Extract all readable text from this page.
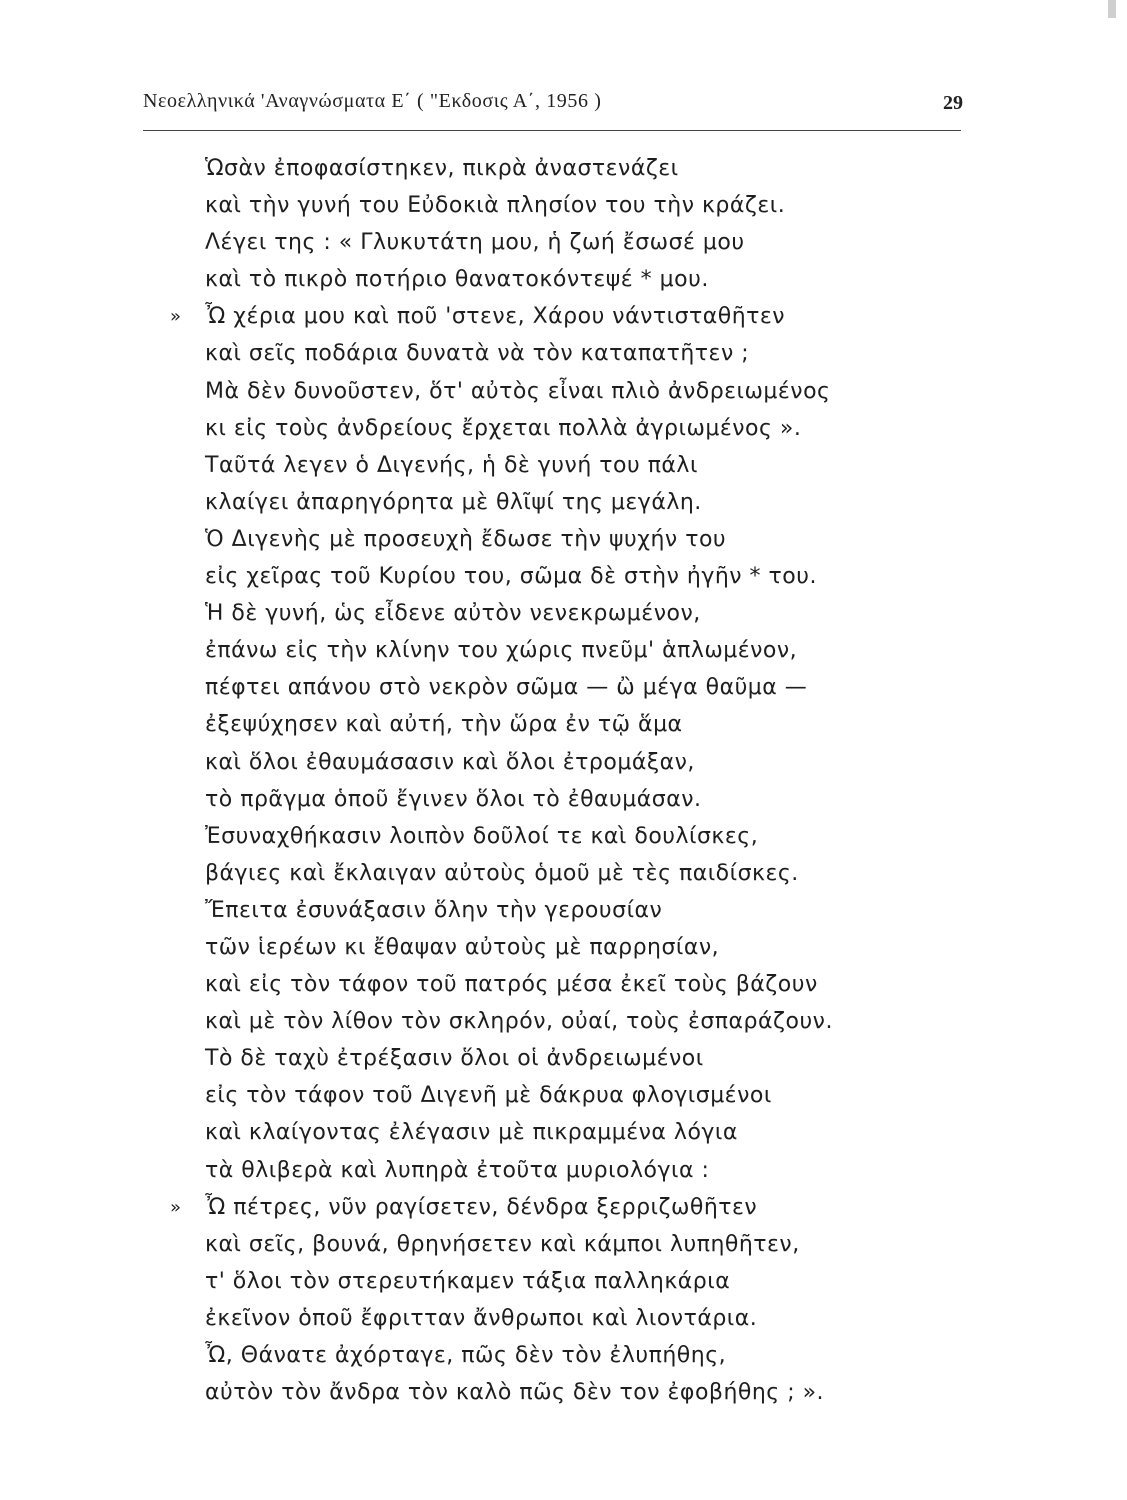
Νεοελληνικά 'Αναγνώσματα Ε΄ ( "Εκδοσις Α΄, 1956 )	29
Ὡσὰν ἐποφασίστηκεν, πικρὰ ἀναστενάζει
καὶ τὴν γυνή του Εὐδοκιὰ πλησίον του τὴν κράζει.
Λέγει της : « Γλυκυτάτη μου, ἡ ζωή ἔσωσέ μου
καὶ τὸ πικρὸ ποτήριο θανατοκόντεψέ * μου.
» Ὦ χέρια μου καὶ ποῦ 'στενε, Χάρου νάντισταθῆτεν
καὶ σεῖς ποδάρια δυνατὰ νὰ τὸν καταπατῆτεν ;
Μὰ δὲν δυνοῦστεν, ὅτ' αὐτὸς εἶναι πλιὸ ἀνδρειωμένος
κι εἰς τοὺς ἀνδρείους ἔρχεται πολλὰ ἀγριωμένος ».
Ταῦτά λεγεν ὁ Διγενής, ἡ δὲ γυνή του πάλι
κλαίγει ἀπαρηγόρητα μὲ θλῖψί της μεγάλη.
Ὁ Διγενὴς μὲ προσευχὴ ἔδωσε τὴν ψυχήν του
εἰς χεῖρας τοῦ Κυρίου του, σῶμα δὲ στὴν ἠγῆν * του.
Ἡ δὲ γυνή, ὡς εἶδενε αὐτὸν νενεκρωμένον,
ἐπάνω εἰς τὴν κλίνην του χώρις πνεῦμ' ἁπλωμένον,
πέφτει απάνου στὸ νεκρὸν σῶμα — ὢ μέγα θαῦμα —
ἐξεψύχησεν καὶ αὐτή, τὴν ὥρα ἐν τῷ ἅμα
καὶ ὅλοι ἐθαυμάσασιν καὶ ὅλοι ἐτρομάξαν,
τὸ πρᾶγμα ὁποῦ ἔγινεν ὅλοι τὸ ἐθαυμάσαν.
Ἐσυναχθήκασιν λοιπὸν δοῦλοί τε καὶ δουλίσκες,
βάγιες καὶ ἔκλαιγαν αὐτοὺς ὁμοῦ μὲ τὲς παιδίσκες.
Ἔπειτα ἐσυνάξασιν ὅλην τὴν γερουσίαν
τῶν ἱερέων κι ἔθαψαν αὐτοὺς μὲ παρρησίαν,
καὶ εἰς τὸν τάφον τοῦ πατρός μέσα ἐκεῖ τοὺς βάζουν
καὶ μὲ τὸν λίθον τὸν σκληρόν, οὐαί, τοὺς ἐσπαράζουν.
Τὸ δὲ ταχὺ ἐτρέξασιν ὅλοι οἱ ἀνδρειωμένοι
εἰς τὸν τάφον τοῦ Διγενῆ μὲ δάκρυα φλογισμένοι
καὶ κλαίγοντας ἐλέγασιν μὲ πικραμμένα λόγια
τὰ θλιβερὰ καὶ λυπηρὰ ἐτοῦτα μυριολόγια :
» Ὦ πέτρες, νῦν ραγίσετεν, δένδρα ξερριζωθῆτεν
καὶ σεῖς, βουνά, θρηνήσετεν καὶ κάμποι λυπηθῆτεν,
τ' ὅλοι τὸν στερευτήκαμεν τάξια παλληκάρια
ἐκεῖνον ὁποῦ ἔφριτταν ἄνθρωποι καὶ λιοντάρια.
Ὦ, Θάνατε ἀχόρταγε, πῶς δὲν τὸν ἐλυπήθης,
αὐτὸν τὸν ἄνδρα τὸν καλὸ πῶς δὲν τον ἐφοβήθης ; ».
